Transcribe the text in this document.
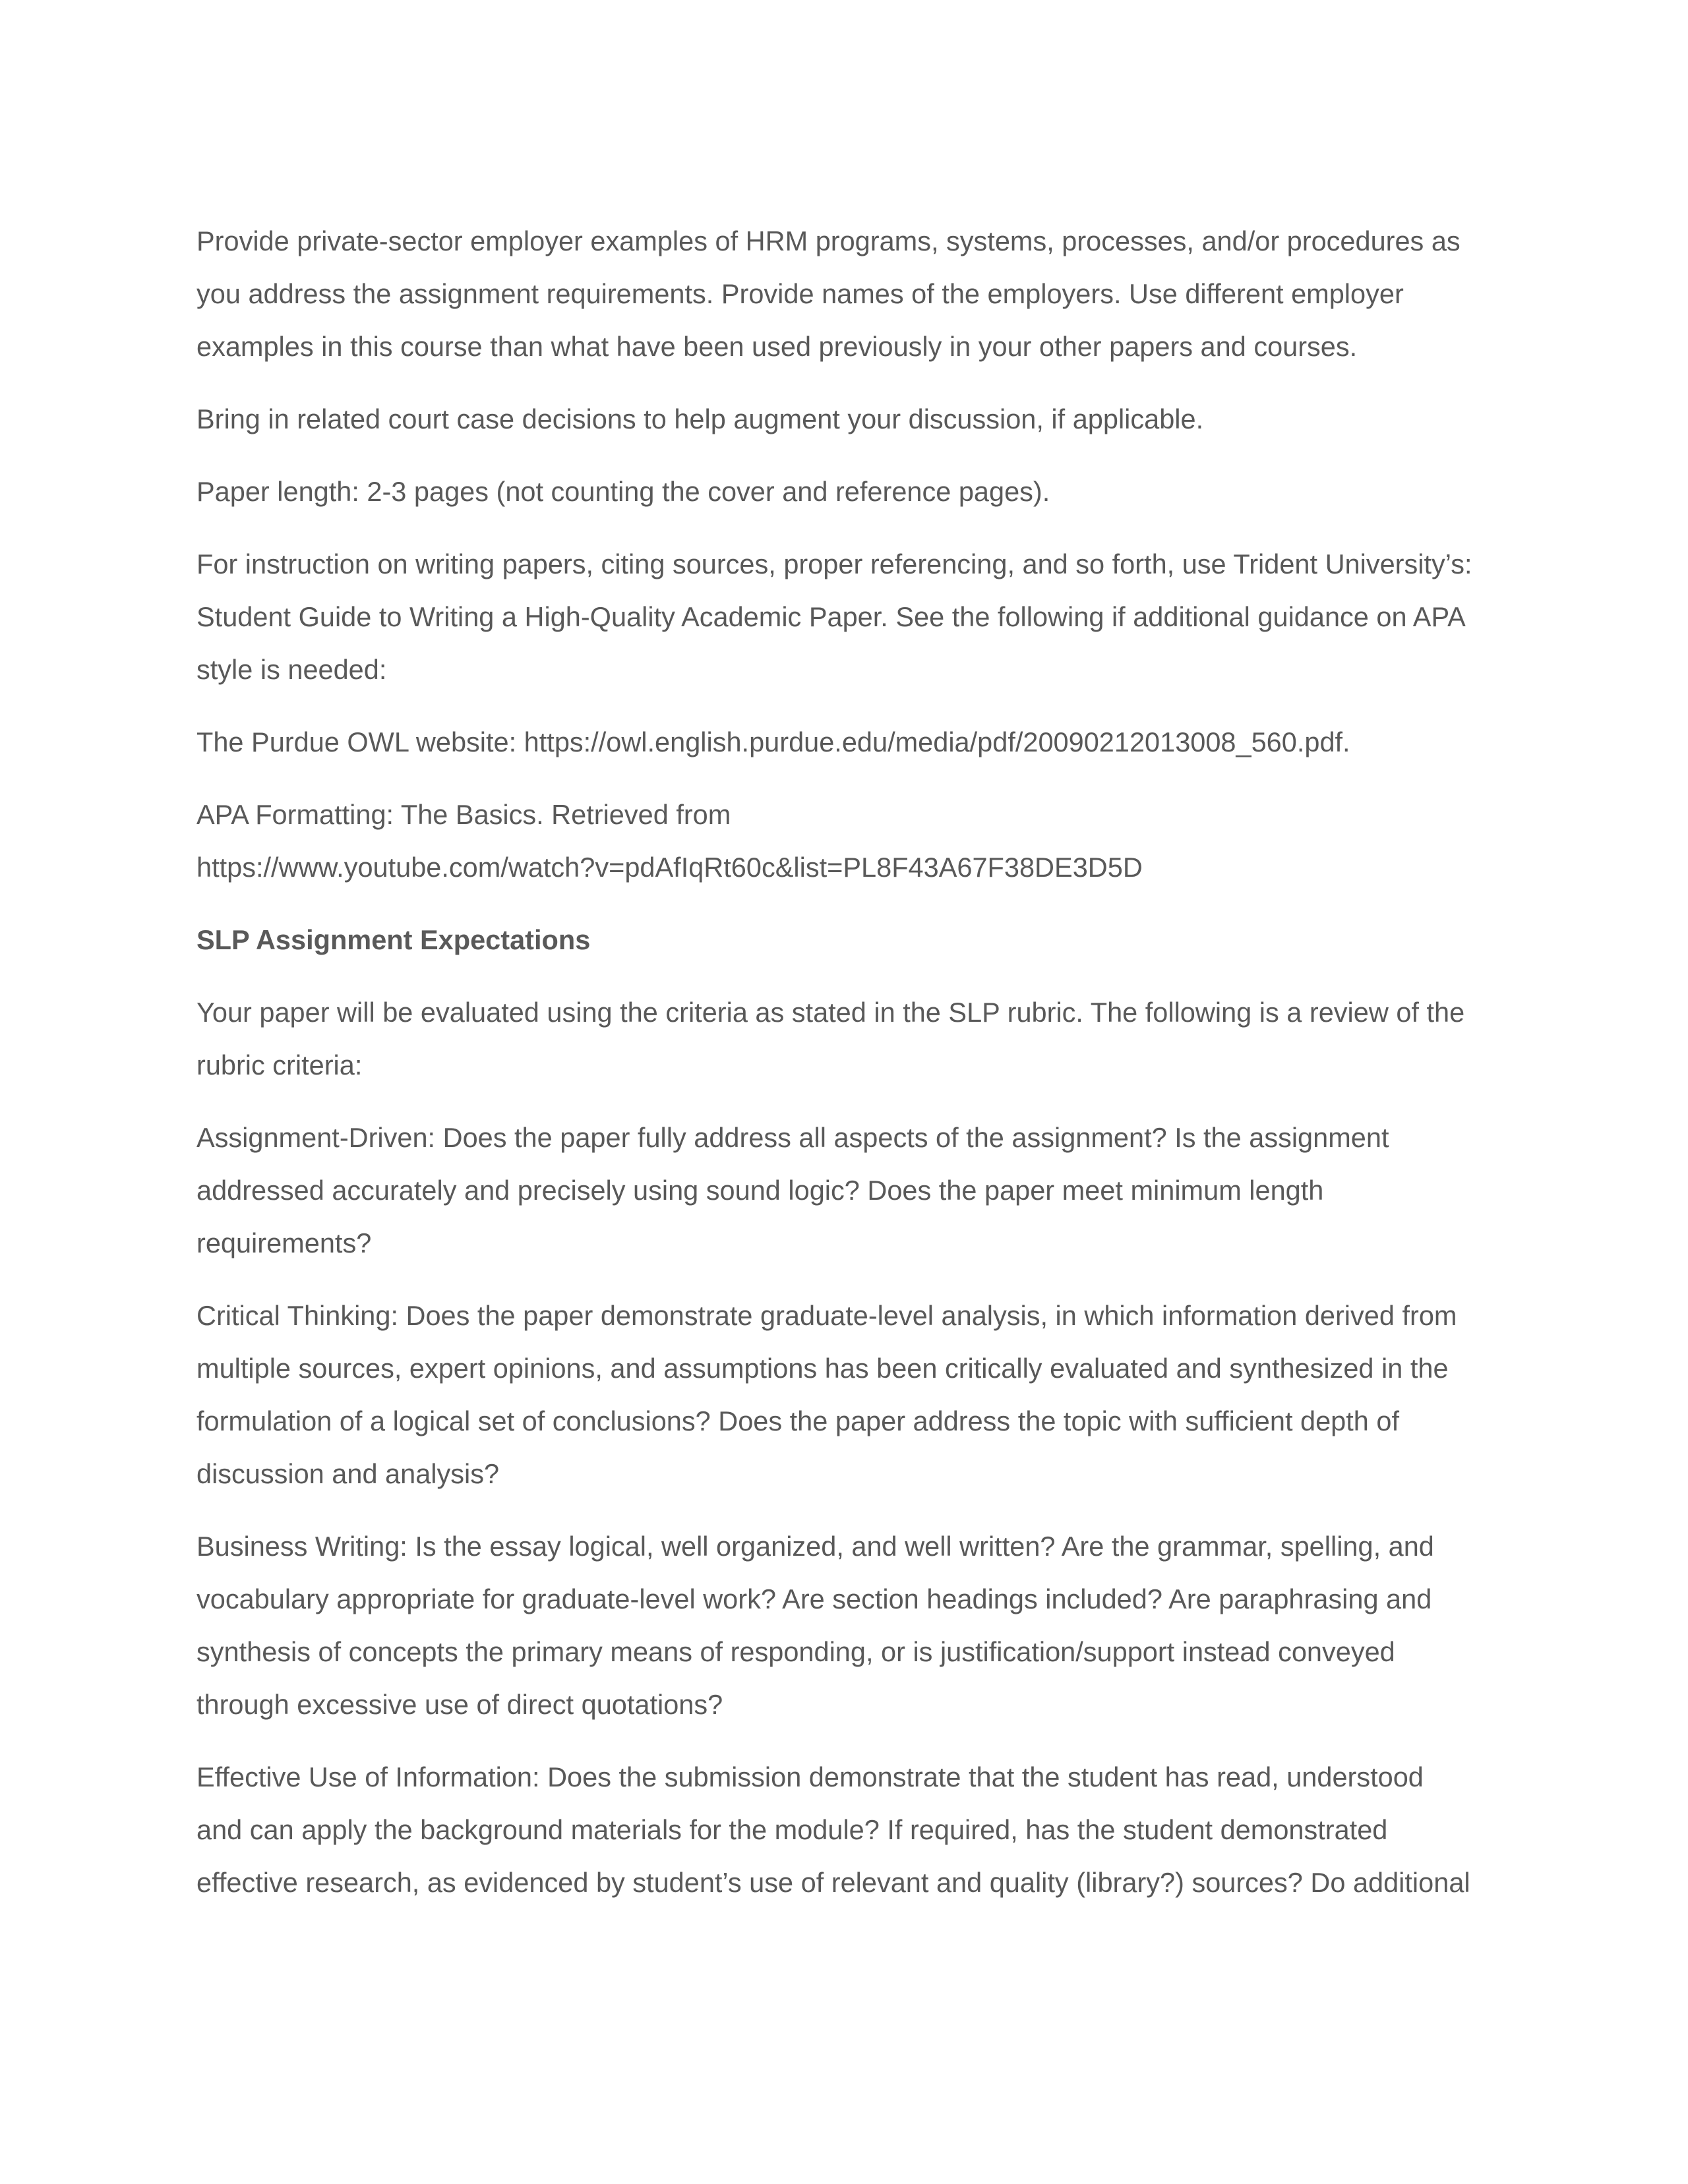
Provide private-sector employer examples of HRM programs, systems, processes, and/or procedures as
you address the assignment requirements. Provide names of the employers. Use different employer
examples in this course than what have been used previously in your other papers and courses.

Bring in related court case decisions to help augment your discussion, if applicable.

Paper length: 2-3 pages (not counting the cover and reference pages).

For instruction on writing papers, citing sources, proper referencing, and so forth, use Trident University’s:
Student Guide to Writing a High-Quality Academic Paper. See the following if additional guidance on APA
style is needed:

The Purdue OWL website: https://owl.english.purdue.edu/media/pdf/20090212013008_560.pdf.

APA Formatting: The Basics. Retrieved from
https://www.youtube.com/watch?v=pdAfIqRt60c&list=PL8F43A67F38DE3D5D

SLP Assignment Expectations

Your paper will be evaluated using the criteria as stated in the SLP rubric. The following is a review of the
rubric criteria:

Assignment-Driven: Does the paper fully address all aspects of the assignment? Is the assignment
addressed accurately and precisely using sound logic? Does the paper meet minimum length
requirements?

Critical Thinking: Does the paper demonstrate graduate-level analysis, in which information derived from
multiple sources, expert opinions, and assumptions has been critically evaluated and synthesized in the
formulation of a logical set of conclusions? Does the paper address the topic with sufficient depth of
discussion and analysis?

Business Writing: Is the essay logical, well organized, and well written? Are the grammar, spelling, and
vocabulary appropriate for graduate-level work? Are section headings included? Are paraphrasing and
synthesis of concepts the primary means of responding, or is justification/support instead conveyed
through excessive use of direct quotations?

Effective Use of Information: Does the submission demonstrate that the student has read, understood
and can apply the background materials for the module? If required, has the student demonstrated
effective research, as evidenced by student’s use of relevant and quality (library?) sources? Do additional
